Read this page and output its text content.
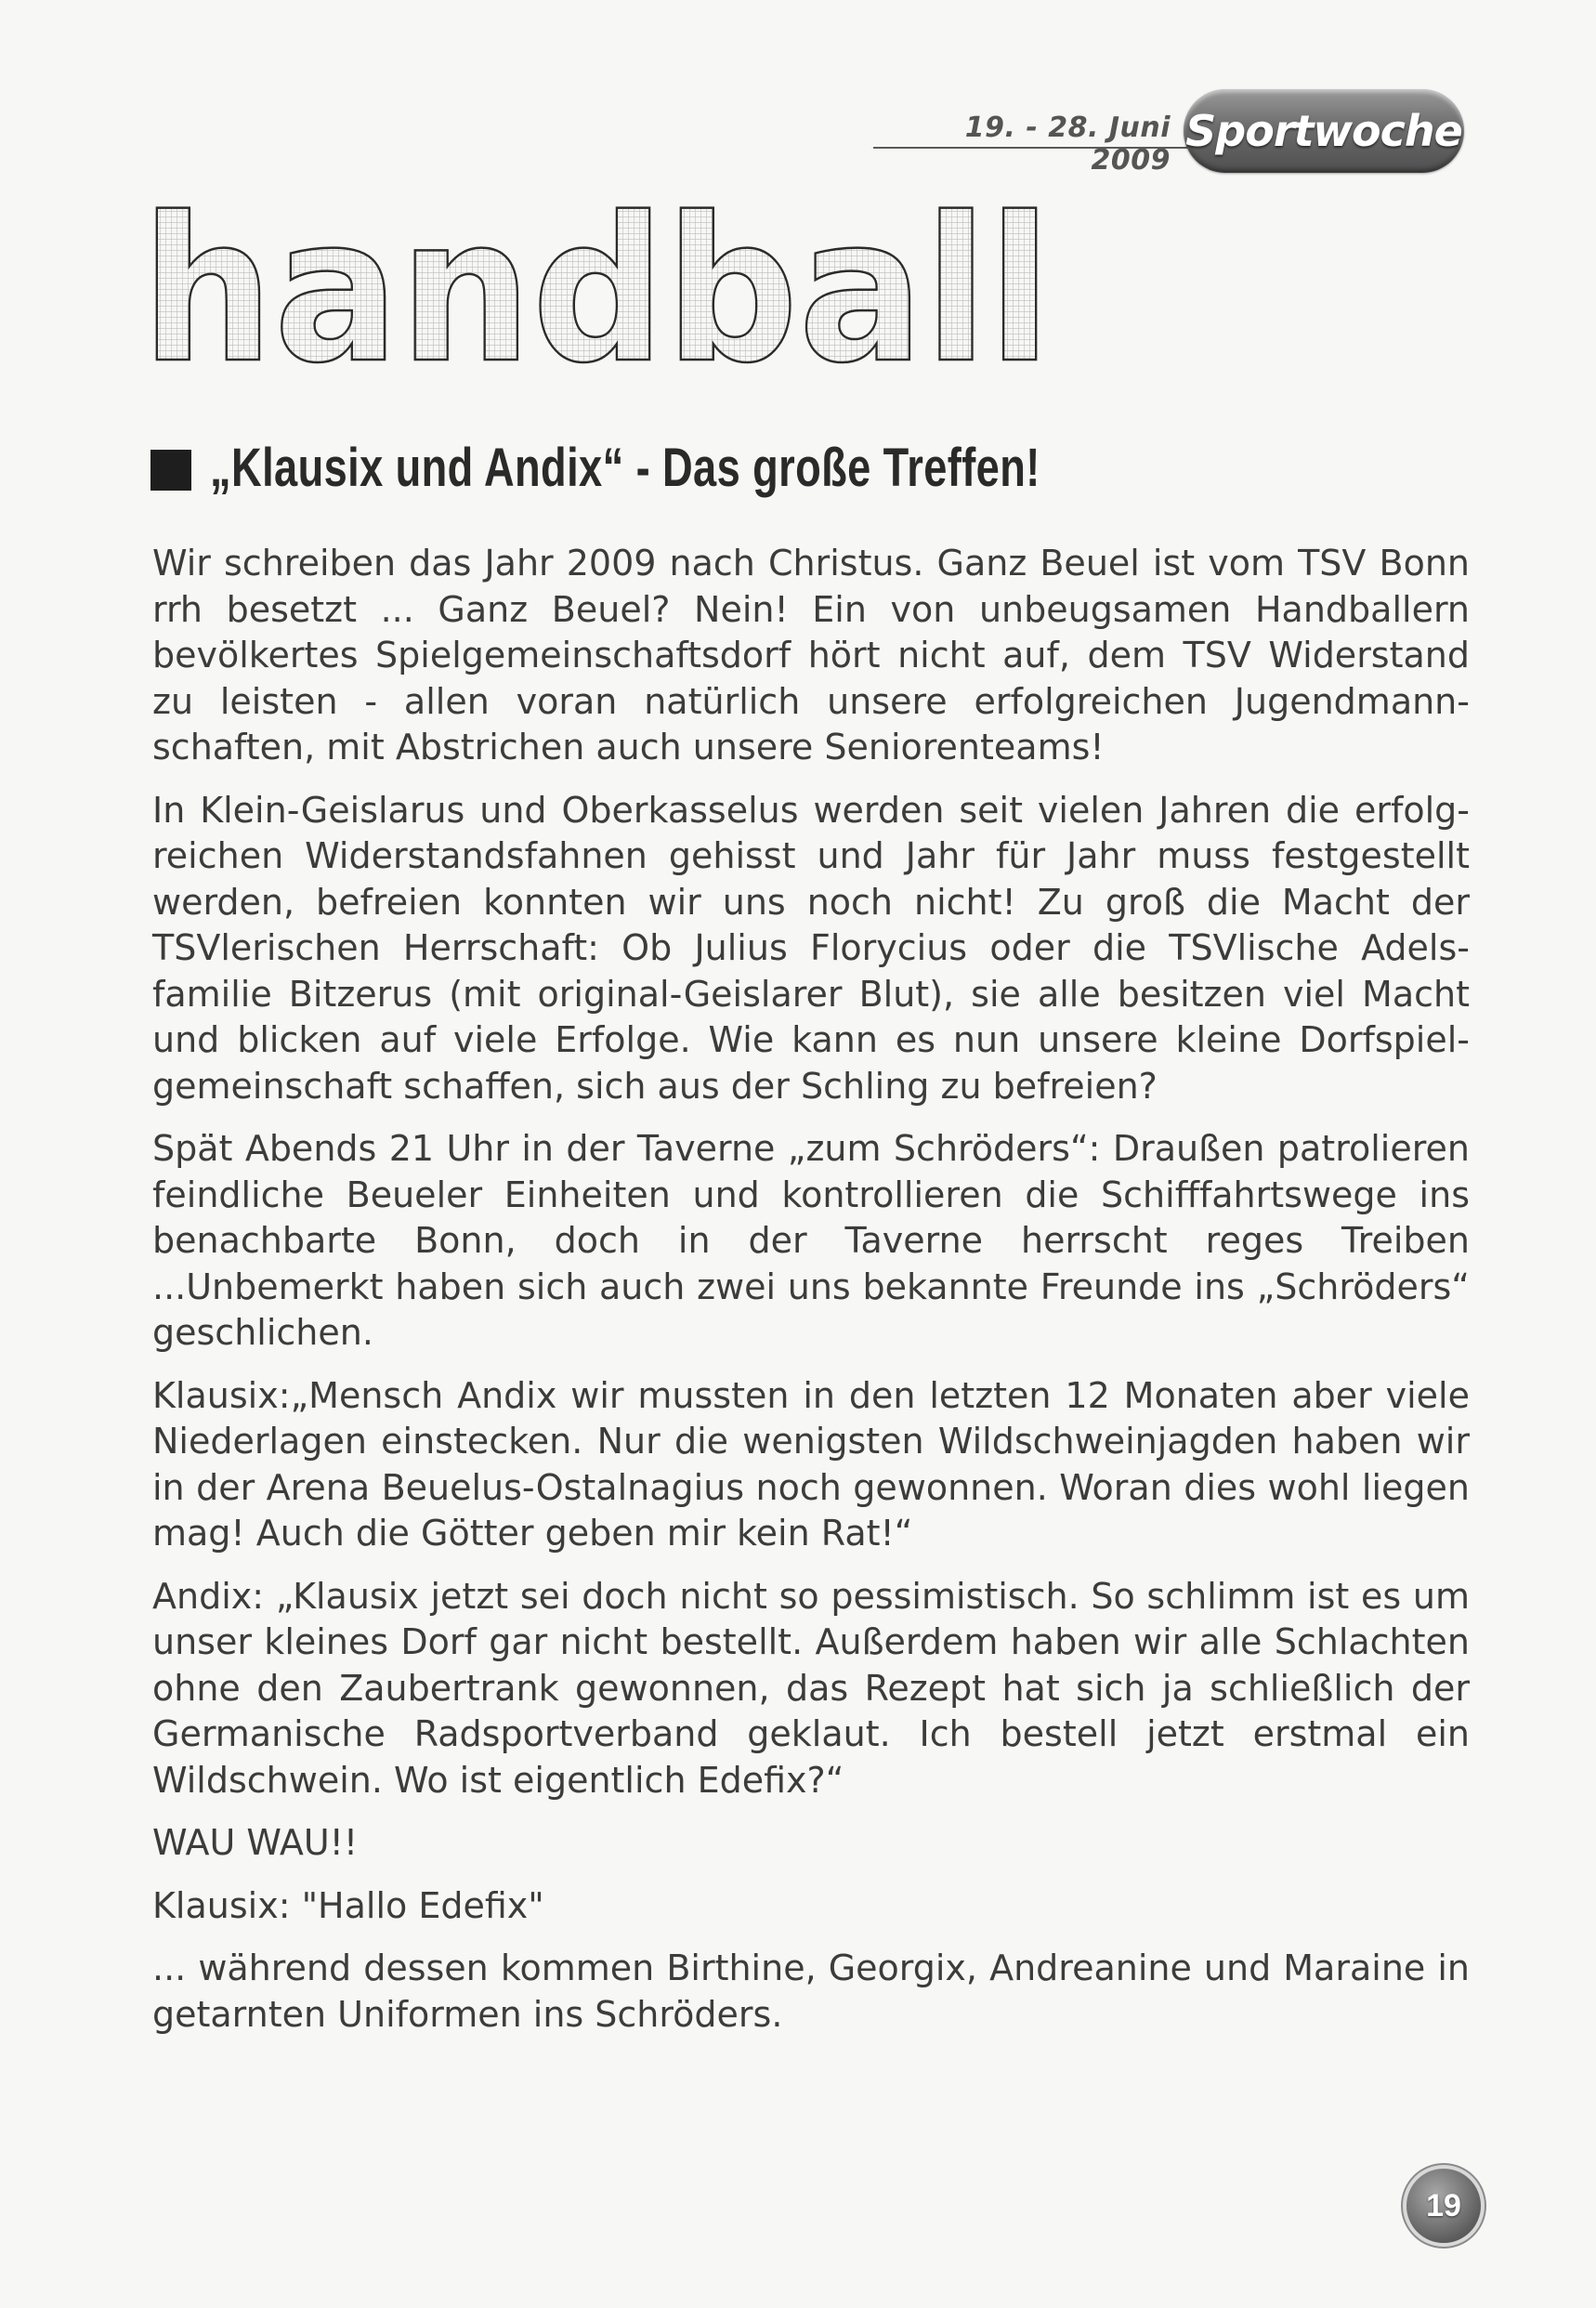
19. - 28. Juni 2009
Sportwoche
handball
„Klausix und Andix“ - Das große Treffen!

Wir schreiben das Jahr 2009 nach Christus. Ganz Beuel ist vom TSV Bonn rrh besetzt ... Ganz Beuel? Nein! Ein von unbeugsamen Handballern bevölkertes Spielgemeinschaftsdorf hört nicht auf, dem TSV Widerstand zu leisten - allen voran natürlich unsere erfolgreichen Jugendmannschaften, mit Abstrichen auch unsere Seniorenteams!

In Klein-Geislarus und Oberkasselus werden seit vielen Jahren die erfolgreichen Widerstandsfahnen gehisst und Jahr für Jahr muss festgestellt werden, befreien konnten wir uns noch nicht! Zu groß die Macht der TSVlerischen Herrschaft: Ob Julius Florycius oder die TSVlische Adelsfamilie Bitzerus (mit original-Geislarer Blut), sie alle besitzen viel Macht und blicken auf viele Erfolge. Wie kann es nun unsere kleine Dorfspielgemeinschaft schaffen, sich aus der Schling zu befreien?

Spät Abends 21 Uhr in der Taverne „zum Schröders“: Draußen patrolieren feindliche Beueler Einheiten und kontrollieren die Schifffahrtswege ins benachbarte Bonn, doch in der Taverne herrscht reges Treiben ...Unbemerkt haben sich auch zwei uns bekannte Freunde ins „Schröders“ geschlichen.

Klausix:„Mensch Andix wir mussten in den letzten 12 Monaten aber viele Niederlagen einstecken. Nur die wenigsten Wildschweinjagden haben wir in der Arena Beuelus-Ostalnagius noch gewonnen. Woran dies wohl liegen mag! Auch die Götter geben mir kein Rat!“

Andix: „Klausix jetzt sei doch nicht so pessimistisch. So schlimm ist es um unser kleines Dorf gar nicht bestellt. Außerdem haben wir alle Schlachten ohne den Zaubertrank gewonnen, das Rezept hat sich ja schließlich der Germanische Radsportverband geklaut. Ich bestell jetzt erstmal ein Wildschwein. Wo ist eigentlich Edefix?“

WAU WAU!!

Klausix: "Hallo Edefix"

... während dessen kommen Birthine, Georgix, Andreanine und Maraine in getarnten Uniformen ins Schröders.

19
